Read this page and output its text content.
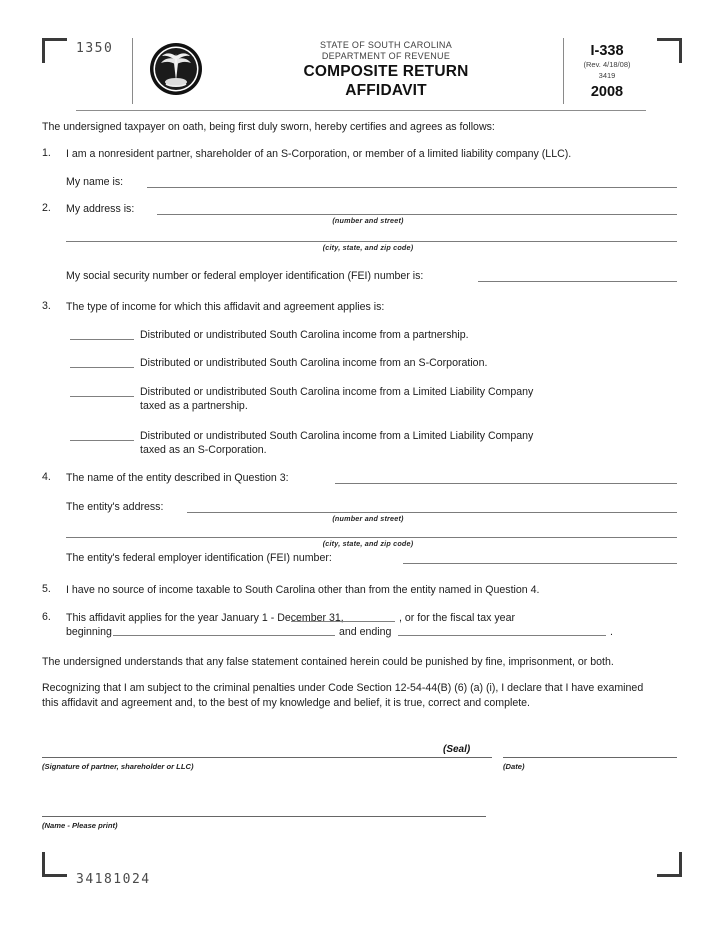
1350
34181024
STATE OF SOUTH CAROLINA
DEPARTMENT OF REVENUE
COMPOSITE RETURN
AFFIDAVIT
I-338
(Rev. 4/18/08)
3419
2008
The undersigned taxpayer on oath, being first duly sworn, hereby certifies and agrees as follows:
1. I am a nonresident partner, shareholder of an S-Corporation, or member of a limited liability company (LLC).
My name is:
2. My address is:
(number and street)
(city, state, and zip code)
My social security number or federal employer identification (FEI) number is:
3. The type of income for which this affidavit and agreement applies is:
Distributed or undistributed South Carolina income from a partnership.
Distributed or undistributed South Carolina income from an S-Corporation.
Distributed or undistributed South Carolina income from a Limited Liability Company
taxed as a partnership.
Distributed or undistributed South Carolina income from a Limited Liability Company
taxed as an S-Corporation.
4. The name of the entity described in Question 3:
The entity's address:
(number and street)
(city, state, and zip code)
The entity's federal employer identification (FEI) number:
5. I have no source of income taxable to South Carolina other than from the entity named in Question 4.
6. This affidavit applies for the year January 1 - December 31,	, or for the fiscal tax year
beginning	and ending	.
The undersigned understands that any false statement contained herein could be punished by fine, imprisonment, or both.
Recognizing that I am subject to the criminal penalties under Code Section 12-54-44(B) (6) (a) (i), I declare that I have examined this affidavit and agreement and, to the best of my knowledge and belief, it is true, correct and complete.
(Seal)
(Signature of partner, shareholder or LLC)	(Date)
(Name - Please print)
